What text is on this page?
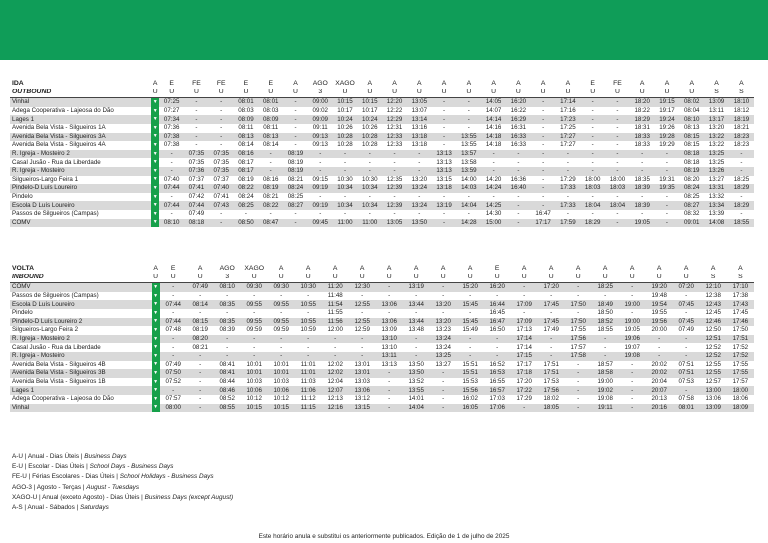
IDA	A	E	FE	FE	E	E	A	AGO	XAGO	A	A	A	A	A	A	A	A	A	E	FE	A	A	A	A	A
OUTBOUND	U	U	U	U	U	U	U	3	U	U	U	U	U	U	U	U	U	U	U	U	U	U	U	S	S
Vinhal	▼	07:25	-	-	08:01	08:01	-	09:00	10:15	10:15	12:20	13:05	-	-	14:05	16:20	-	17:14	-	-	18:20	19:15	08:02	13:09	18:10
Adega Cooperativa - Lajeosa do Dão	▼	07:27	-	-	08:03	08:03	-	09:02	10:17	10:17	12:22	13:07	-	-	14:07	16:22	-	17:16	-	-	18:22	19:17	08:04	13:11	18:12
Lages 1	▼	07:34	-	-	08:09	08:09	-	09:09	10:24	10:24	12:29	13:14	-	-	14:14	16:29	-	17:23	-	-	18:29	19:24	08:10	13:17	18:19
Avenida Bela Vista - Silgueiros 1A	▼	07:36	-	-	08:11	08:11	-	09:11	10:26	10:26	12:31	13:16	-	-	14:16	16:31	-	17:25	-	-	18:31	19:26	08:13	13:20	18:21
Avenida Bela Vista - Silgueiros 3A	▼	07:38	-	-	08:13	08:13	-	09:13	10:28	10:28	12:33	13:18	-	13:55	14:18	16:33	-	17:27	-	-	18:33	19:28	08:15	13:22	18:23
Avenida Bela Vista - Silgueiros 4A	▼	07:38	-	-	08:14	08:14	-	09:13	10:28	10:28	12:33	13:18	-	13:55	14:18	16:33	-	17:27	-	-	18:33	19:29	08:15	13:22	18:23
R. Igreja - Mosteiro 2	▼	-	07:35	07:35	08:16	-	08:19	-	-	-	-	-	13:13	13:57	-	-	-	-	-	-	-	-	08:18	13:25	-
Casal Jusão - Rua da Liberdade	▼	-	07:35	07:35	08:17	-	08:19	-	-	-	-	-	13:13	13:58	-	-	-	-	-	-	-	-	08:18	13:25	-
R. Igreja - Mosteiro	▼	-	07:36	07:35	08:17	-	08:19	-	-	-	-	-	13:13	13:59	-	-	-	-	-	-	-	-	08:19	13:26	-
Silgueiros-Largo Feira 1	▼	07:40	07:37	07:37	08:19	08:16	08:21	09:15	10:30	10:30	12:35	13:20	13:15	14:00	14:20	16:36	-	17:29	18:00	18:00	18:35	19:31	08:20	13:27	18:25
Pindelo-D Luís Loureiro	▼	07:44	07:41	07:40	08:22	08:19	08:24	09:19	10:34	10:34	12:39	13:24	13:18	14:03	14:24	16:40	-	17:33	18:03	18:03	18:39	19:35	08:24	13:31	18:29
Pindelo	▼	-	07:42	07:41	08:24	08:21	08:25	-	-	-	-	-	-	-	-	-	-	-	-	-	-	-	08:25	13:32	-
Escola D Luís Loureiro	▼	07:44	07:44	07:43	08:25	08:22	08:27	09:19	10:34	10:34	12:39	13:24	13:19	14:04	14:25	-	-	17:33	18:04	18:04	18:39	-	08:27	13:34	18:29
Passos de Silgueiros (Campas)	▼	-	07:49	-	-	-	-	-	-	-	-	-	-	-	14:30	-	16:47	-	-	-	-	-	08:32	13:39	-
COMV	▼	08:10	08:18	-	08:50	08:47	-	09:45	11:00	11:00	13:05	13:50	-	14:28	15:00	-	17:17	17:59	18:29	-	19:05	-	09:01	14:08	18:55
VOLTA	A	E	A	AGO	XAGO	A	A	A	A	A	A	A	A	E	A	A	A	A	A	A	A	A	A
INBOUND	U	U	U	3	U	U	U	U	U	U	U	U	U	U	U	U	U	U	U	U	U	S	S
COMV	▼	-	07:49	08:10	09:30	09:30	10:30	11:20	12:30	-	13:19	-	15:20	16:20	-	17:20	-	18:25	-	19:20	07:20	12:10	17:10
Passos de Silgueiros (Campas)	▼	-	-	-	-	-	-	11:48	-	-	-	-	-	-	-	-	-	-	-	19:48	-	12:38	17:38
Escola D Luís Loureiro	▼	07:44	08:14	08:35	09:55	09:55	10:55	11:54	12:55	13:06	13:44	13:20	15:45	16:44	17:09	17:45	17:50	18:49	19:00	19:54	07:45	12:43	17:43
Pindelo	▼	-	-	-	-	-	-	11:55	-	-	-	-	-	16:45	-	-	-	18:50	-	19:55	-	12:45	17:45
Pindelo-D Luís Loureiro 2	▼	07:44	08:15	08:35	09:55	09:55	10:55	11:56	12:55	13:06	13:44	13:20	15:45	16:47	17:09	17:45	17:50	18:52	19:00	19:56	07:45	12:46	17:46
Silgueiros-Largo Feira 2	▼	07:48	08:19	08:39	09:59	09:59	10:59	12:00	12:59	13:09	13:48	13:23	15:49	16:50	17:13	17:49	17:55	18:55	19:05	20:00	07:49	12:50	17:50
R. Igreja - Mosteiro 2	▼	-	08:20	-	-	-	-	-	-	13:10	-	13:24	-	-	17:14	-	17:56	-	19:06	-	-	12:51	17:51
Casal Jusão - Rua da Liberdade	▼	-	08:21	-	-	-	-	-	-	13:10	-	13:24	-	-	17:14	-	17:57	-	19:07	-	-	12:52	17:52
R. Igreja - Mosteiro	▼	-	-	-	-	-	-	-	-	13:11	-	13:25	-	-	17:15	-	17:58	-	19:08	-	-	12:52	17:52
Avenida Bela Vista - Silgueiros 4B	▼	07:49	-	08:41	10:01	10:01	11:01	12:02	13:01	13:13	13:50	13:27	15:51	16:52	17:17	17:51	-	18:57	-	20:02	07:51	12:55	17:55
Avenida Bela Vista - Silgueiros 3B	▼	07:50	-	08:41	10:01	10:01	11:01	12:02	13:01	-	13:50	-	15:51	16:53	17:18	17:51	-	18:58	-	20:02	07:51	12:55	17:55
Avenida Bela Vista - Silgueiros 1B	▼	07:52	-	08:44	10:03	10:03	11:03	12:04	13:03	-	13:52	-	15:53	16:55	17:20	17:53	-	19:00	-	20:04	07:53	12:57	17:57
Lages 1	▼	-	-	08:46	10:06	10:06	11:06	12:07	13:06	-	13:55	-	15:56	16:57	17:22	17:56	-	19:02	-	20:07	-	13:00	18:00
Adega Cooperativa - Lajeosa do Dão	▼	07:57	-	08:52	10:12	10:12	11:12	12:13	13:12	-	14:01	-	16:02	17:03	17:29	18:02	-	19:08	-	20:13	07:58	13:06	18:06
Vinhal	▼	08:00	-	08:55	10:15	10:15	11:15	12:16	13:15	-	14:04	-	16:05	17:06	-	18:05	-	19:11	-	20:16	08:01	13:09	18:09
A-U | Anual - Dias Úteis | Business Days
E-U | Escolar - Dias Úteis | School Days - Business Days
FE-U | Férias Escolares - Dias Úteis | School Holidays - Business Days
AGO-3 | Agosto - Terças | August - Tuesdays
XAGO-U | Anual (exceto Agosto) - Dias Úteis | Business Days (except August)
A-S | Anual - Sábados | Saturdays
Este horário anula e substitui os anteriormente publicados. Edição de 1 de julho de 2025
